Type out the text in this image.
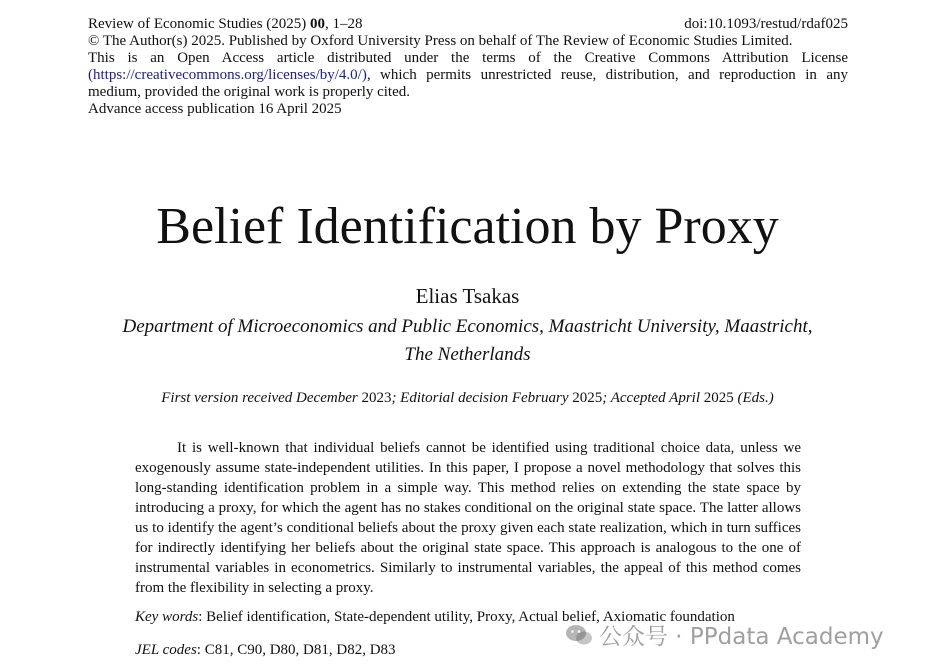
Review of Economic Studies (2025) 00, 1–28	doi:10.1093/restud/rdaf025
© The Author(s) 2025. Published by Oxford University Press on behalf of The Review of Economic Studies Limited.
This is an Open Access article distributed under the terms of the Creative Commons Attribution License
(https://creativecommons.org/licenses/by/4.0/), which permits unrestricted reuse, distribution, and reproduction in any
medium, provided the original work is properly cited.
Advance access publication 16 April 2025
Belief Identification by Proxy
Elias Tsakas
Department of Microeconomics and Public Economics, Maastricht University, Maastricht,
The Netherlands
First version received December 2023; Editorial decision February 2025; Accepted April 2025 (Eds.)

It is well-known that individual beliefs cannot be identified using traditional choice data, unless we exogenously assume state-independent utilities. In this paper, I propose a novel methodology that solves this long-standing identification problem in a simple way. This method relies on extending the state space by introducing a proxy, for which the agent has no stakes conditional on the original state space. The latter allows us to identify the agent’s conditional beliefs about the proxy given each state realization, which in turn suffices for indirectly identifying her beliefs about the original state space. This approach is analogous to the one of instrumental variables in econometrics. Similarly to instrumental variables, the appeal of this method comes from the flexibility in selecting a proxy.

Key words: Belief identification, State-dependent utility, Proxy, Actual belief, Axiomatic foundation
JEL codes: C81, C90, D80, D81, D82, D83	公众号 · PPdata Academy
